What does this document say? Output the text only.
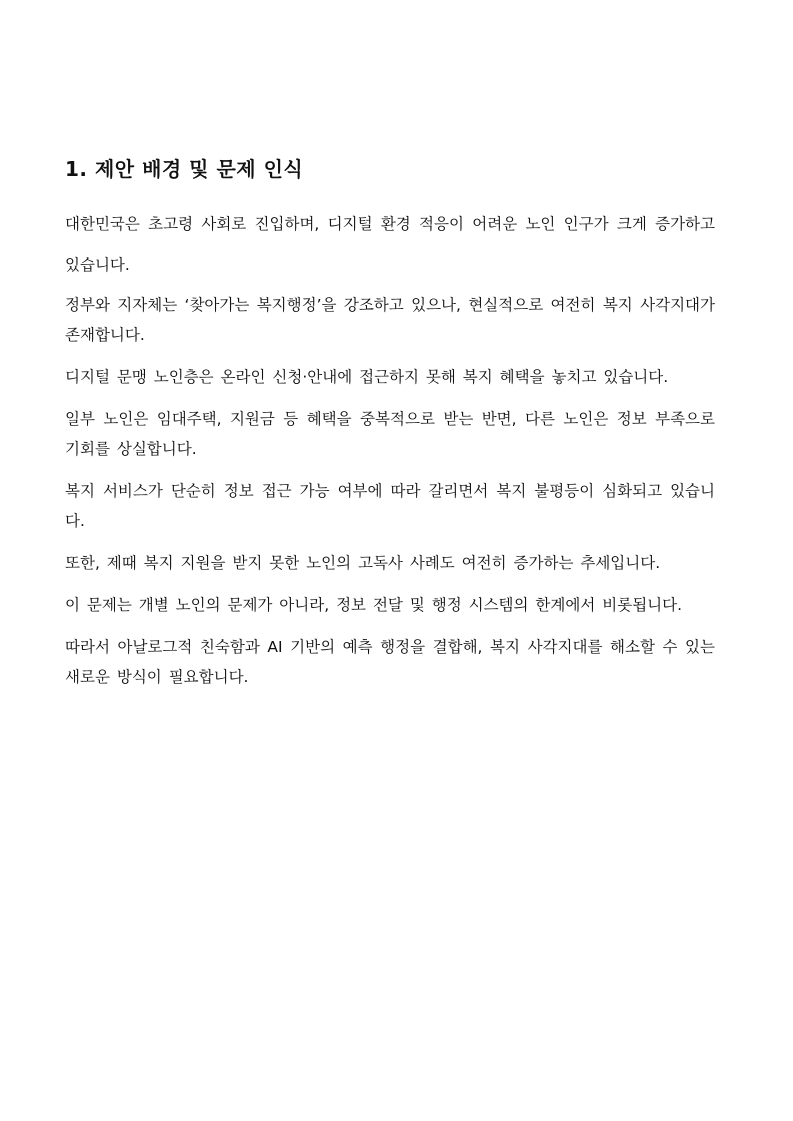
1. 제안 배경 및 문제 인식

대한민국은 초고령 사회로 진입하며, 디지털 환경 적응이 어려운 노인 인구가 크게 증가하고 있습니다.

정부와 지자체는 ‘찾아가는 복지행정’을 강조하고 있으나, 현실적으로 여전히 복지 사각지대가 존재합니다.

디지털 문맹 노인층은 온라인 신청·안내에 접근하지 못해 복지 혜택을 놓치고 있습니다.

일부 노인은 임대주택, 지원금 등 혜택을 중복적으로 받는 반면, 다른 노인은 정보 부족으로 기회를 상실합니다.

복지 서비스가 단순히 정보 접근 가능 여부에 따라 갈리면서 복지 불평등이 심화되고 있습니다.

또한, 제때 복지 지원을 받지 못한 노인의 고독사 사례도 여전히 증가하는 추세입니다.

이 문제는 개별 노인의 문제가 아니라, 정보 전달 및 행정 시스템의 한계에서 비롯됩니다.

따라서 아날로그적 친숙함과 AI 기반의 예측 행정을 결합해, 복지 사각지대를 해소할 수 있는 새로운 방식이 필요합니다.
